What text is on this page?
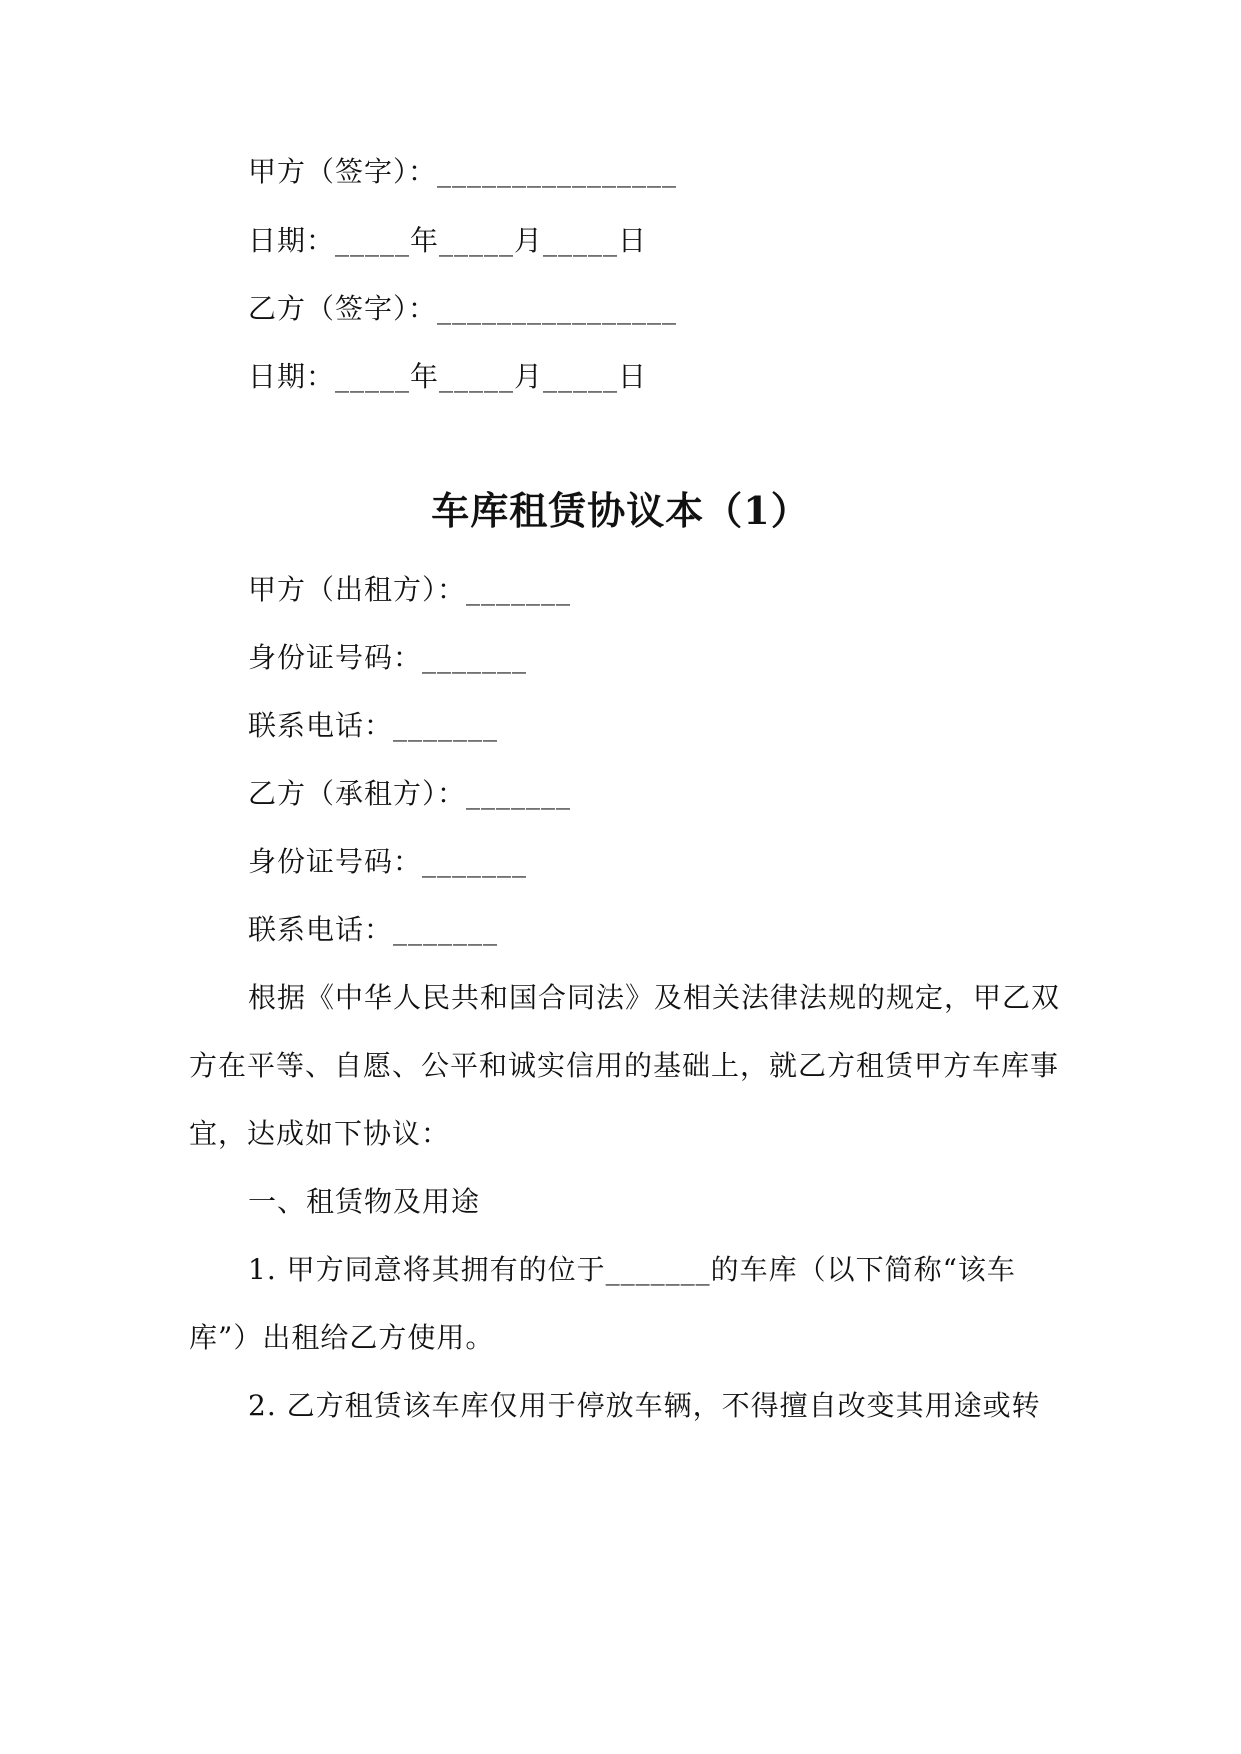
甲方（签字）：________________
日期：_____年_____月_____日
乙方（签字）：________________
日期：_____年_____月_____日
车库租赁协议本（1）
甲方（出租方）：_______
身份证号码：_______
联系电话：_______
乙方（承租方）：_______
身份证号码：_______
联系电话：_______
根据《中华人民共和国合同法》及相关法律法规的规定，甲乙双
方在平等、自愿、公平和诚实信用的基础上，就乙方租赁甲方车库事
宜，达成如下协议：
一、租赁物及用途
1. 甲方同意将其拥有的位于_______的车库（以下简称“该车
库”）出租给乙方使用。
2. 乙方租赁该车库仅用于停放车辆，不得擅自改变其用途或转
